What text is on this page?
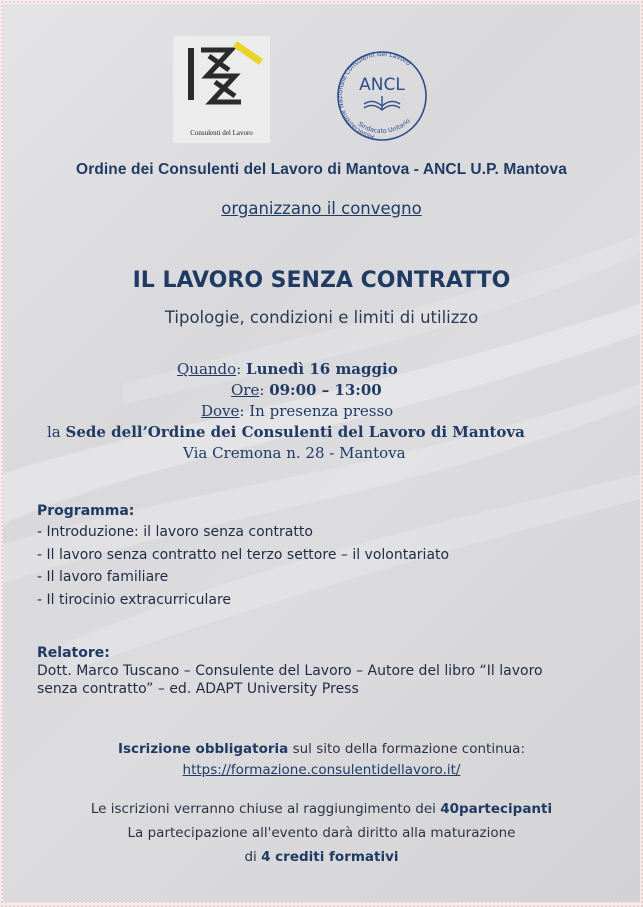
Consulenti del Lavoro	Associazione Nazionale Consulenti del Lavoro
Sindacato Unitario
ANCL
Ordine dei Consulenti del Lavoro di Mantova - ANCL U.P. Mantova
organizzano il convegno
IL LAVORO SENZA CONTRATTO
Tipologie, condizioni e limiti di utilizzo
Quando: Lunedì 16 maggio
Ore: 09:00 – 13:00
Dove: In presenza presso
la Sede dell’Ordine dei Consulenti del Lavoro di Mantova
Via Cremona n. 28 - Mantova
Programma:
- Introduzione: il lavoro senza contratto
- Il lavoro senza contratto nel terzo settore – il volontariato
- Il lavoro familiare
- Il tirocinio extracurriculare
Relatore:
Dott. Marco Tuscano – Consulente del Lavoro – Autore del libro “Il lavoro
senza contratto” – ed. ADAPT University Press
Iscrizione obbligatoria sul sito della formazione continua:
https://formazione.consulentidellavoro.it/
Le iscrizioni verranno chiuse al raggiungimento dei 40partecipanti
La partecipazione all'evento darà diritto alla maturazione
di 4 crediti formativi
